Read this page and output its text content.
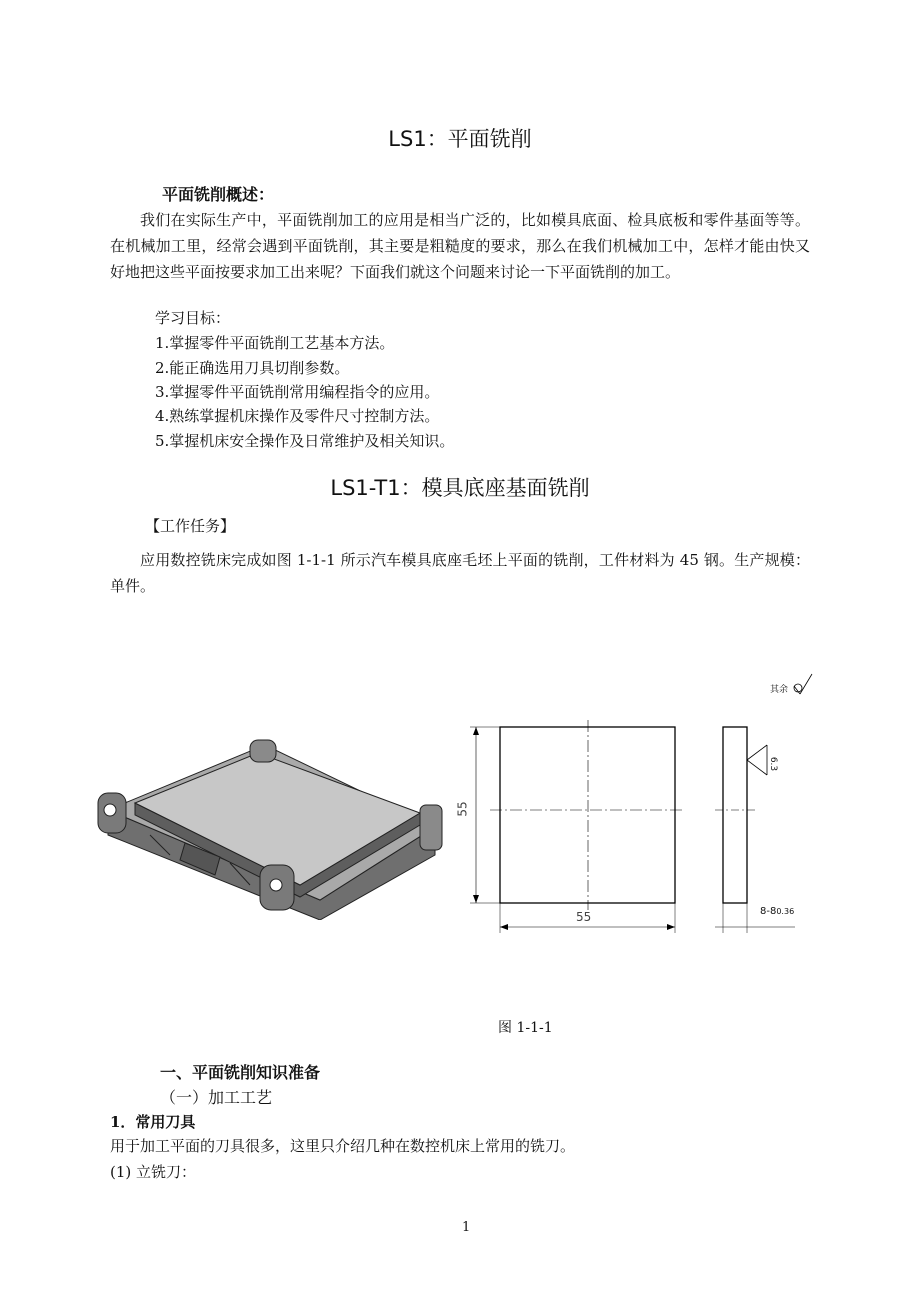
LS1：平面铣削
平面铣削概述：
我们在实际生产中，平面铣削加工的应用是相当广泛的，比如模具底面、检具底板和零件基面等等。在机械加工里，经常会遇到平面铣削，其主要是粗糙度的要求，那么在我们机械加工中，怎样才能由快又好地把这些平面按要求加工出来呢？下面我们就这个问题来讨论一下平面铣削的加工。
学习目标：
1.掌握零件平面铣削工艺基本方法。
2.能正确选用刀具切削参数。
3.掌握零件平面铣削常用编程指令的应用。
4.熟练掌握机床操作及零件尺寸控制方法。
5.掌握机床安全操作及日常维护及相关知识。
LS1-T1：模具底座基面铣削
【工作任务】
应用数控铣床完成如图 1-1-1 所示汽车模具底座毛坯上平面的铣削，工件材料为 45 钢。生产规模：单件。
55
55
6.3
8-80.36
其余
图 1-1-1
一、平面铣削知识准备
（一）加工工艺
1．常用刀具
用于加工平面的刀具很多，这里只介绍几种在数控机床上常用的铣刀。
(1) 立铣刀：
1
